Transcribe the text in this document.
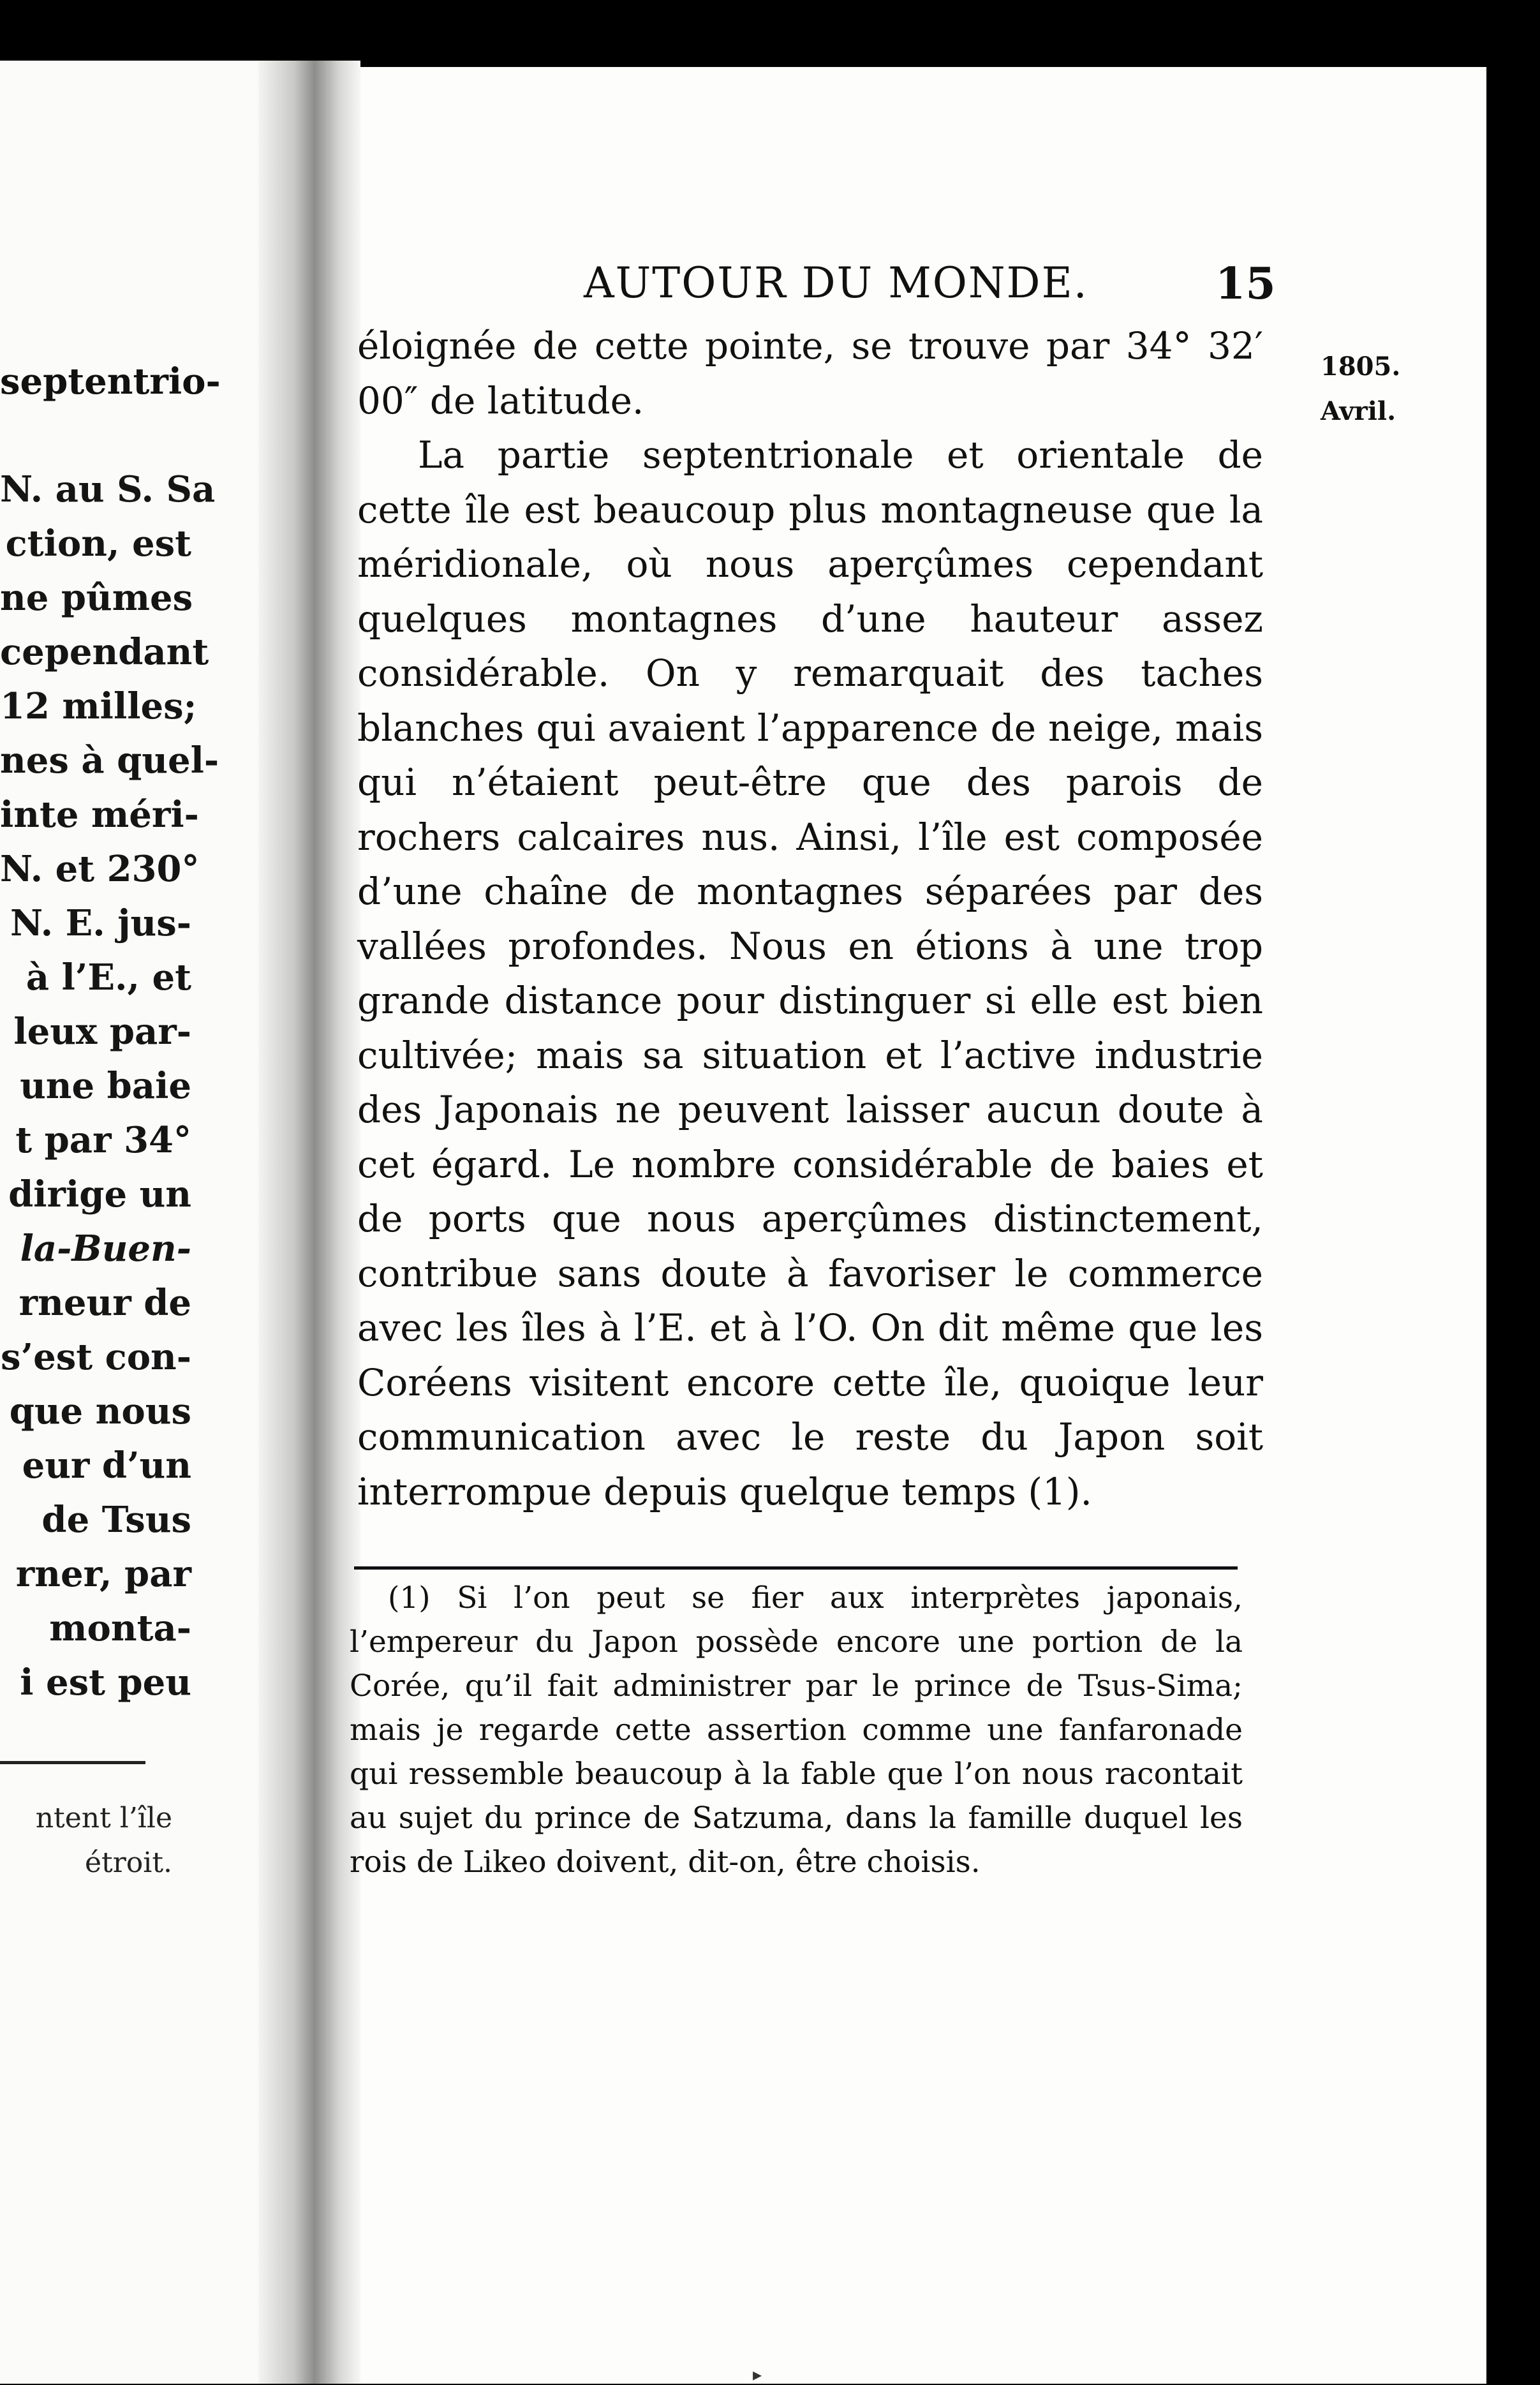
septentrio-
N. au S. Sa
ction, est
ne pûmes
cependant
12 milles;
nes à quel-
inte méri-
N. et 230°
N. E. jus-
à l’E., et
leux par-
une baie
t par 34°
dirige un
la-Buen-
rneur de
s’est con-
que nous
eur d’un
de Tsus
rner, par
monta-
i est peu
ntent l’île
étroit.
AUTOUR DU MONDE.	15
1805.
Avril.

éloignée de cette pointe, se trouve par 34° 32′ 00″ de latitude.

La partie septentrionale et orientale de cette île est beaucoup plus montagneuse que la méridionale, où nous aperçûmes cependant quelques montagnes d’une hauteur assez considérable. On y remarquait des taches blanches qui avaient l’apparence de neige, mais qui n’étaient peut-être que des parois de rochers calcaires nus. Ainsi, l’île est composée d’une chaîne de montagnes séparées par des vallées profondes. Nous en étions à une trop grande distance pour distinguer si elle est bien cultivée; mais sa situation et l’active industrie des Japonais ne peuvent laisser aucun doute à cet égard. Le nombre considérable de baies et de ports que nous aperçûmes distinctement, contribue sans doute à favoriser le commerce avec les îles à l’E. et à l’O. On dit même que les Coréens visitent encore cette île, quoique leur communication avec le reste du Japon soit interrompue depuis quelque temps (1).

(1) Si l’on peut se fier aux interprètes japonais, l’empereur du Japon possède encore une portion de la Corée, qu’il fait administrer par le prince de Tsus-Sima; mais je regarde cette assertion comme une fanfaronade qui ressemble beaucoup à la fable que l’on nous racontait au sujet du prince de Satzuma, dans la famille duquel les rois de Likeo doivent, dit-on, être choisis.
▸
